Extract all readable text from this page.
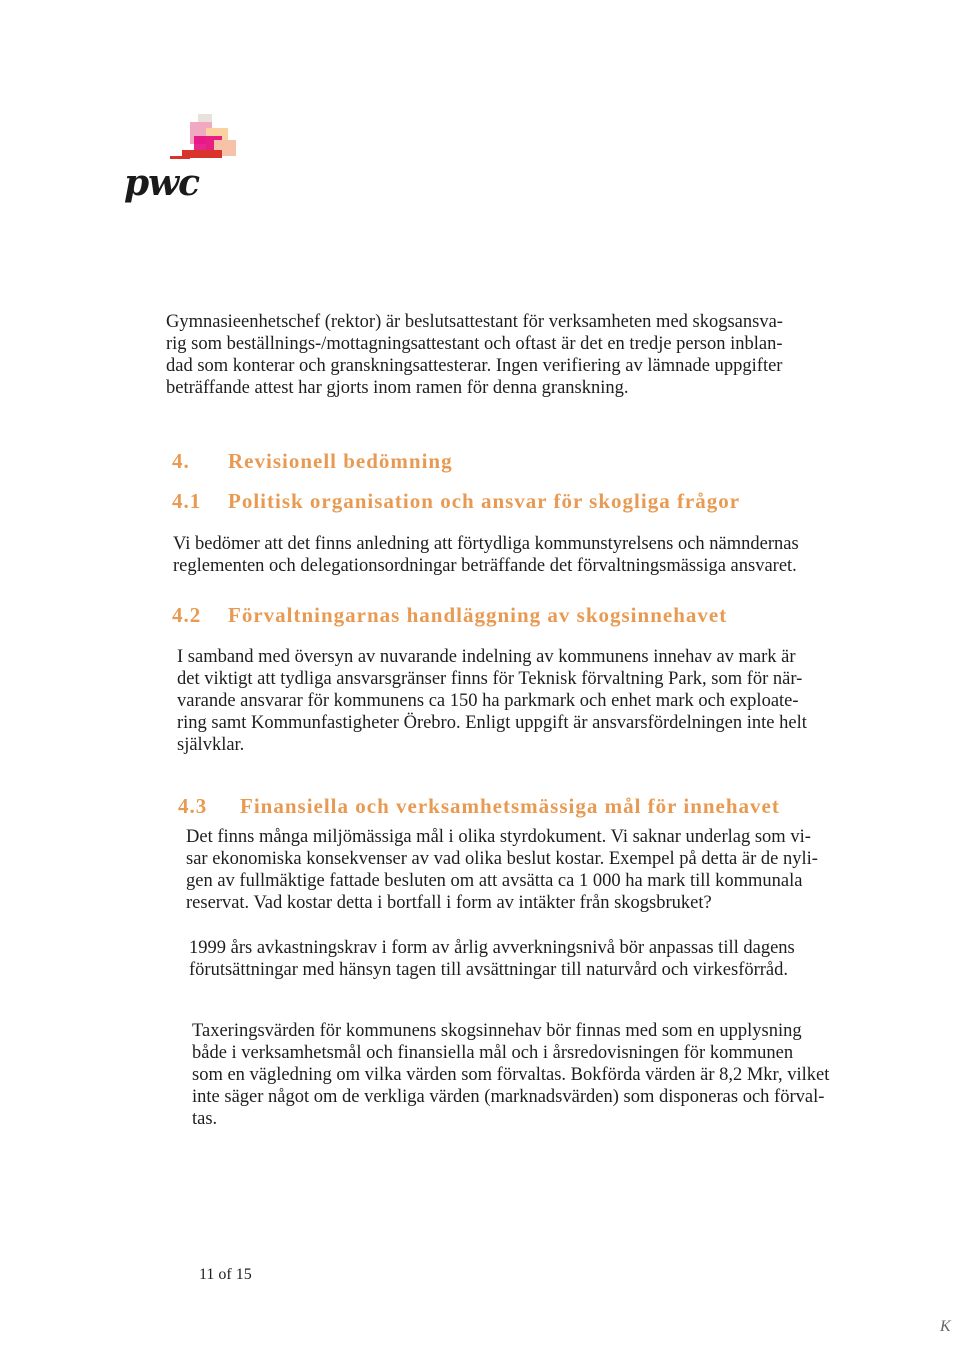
pwc
Gymnasieenhetschef (rektor) är beslutsattestant för verksamheten med skogsansva-
rig som beställnings-/mottagningsattestant och oftast är det en tredje person inblan-
dad som konterar och granskningsattesterar. Ingen verifiering av lämnade uppgifter
beträffande attest har gjorts inom ramen för denna granskning.
4. Revisionell bedömning
4.1 Politisk organisation och ansvar för skogliga frågor
Vi bedömer att det finns anledning att förtydliga kommunstyrelsens och nämndernas
reglementen och delegationsordningar beträffande det förvaltningsmässiga ansvaret.
4.2 Förvaltningarnas handläggning av skogsinnehavet
I samband med översyn av nuvarande indelning av kommunens innehav av mark är
det viktigt att tydliga ansvarsgränser finns för Teknisk förvaltning Park, som för när-
varande ansvarar för kommunens ca 150 ha parkmark och enhet mark och exploate-
ring samt Kommunfastigheter Örebro. Enligt uppgift är ansvarsfördelningen inte helt
självklar.
4.3 Finansiella och verksamhetsmässiga mål för innehavet
Det finns många miljömässiga mål i olika styrdokument. Vi saknar underlag som vi-
sar ekonomiska konsekvenser av vad olika beslut kostar. Exempel på detta är de nyli-
gen av fullmäktige fattade besluten om att avsätta ca 1 000 ha mark till kommunala
reservat. Vad kostar detta i bortfall i form av intäkter från skogsbruket?
1999 års avkastningskrav i form av årlig avverkningsnivå bör anpassas till dagens
förutsättningar med hänsyn tagen till avsättningar till naturvård och virkesförråd.
Taxeringsvärden för kommunens skogsinnehav bör finnas med som en upplysning
både i verksamhetsmål och finansiella mål och i årsredovisningen för kommunen
som en vägledning om vilka värden som förvaltas. Bokförda värden är 8,2 Mkr, vilket
inte säger något om de verkliga värden (marknadsvärden) som disponeras och förval-
tas.
11 of 15
K
